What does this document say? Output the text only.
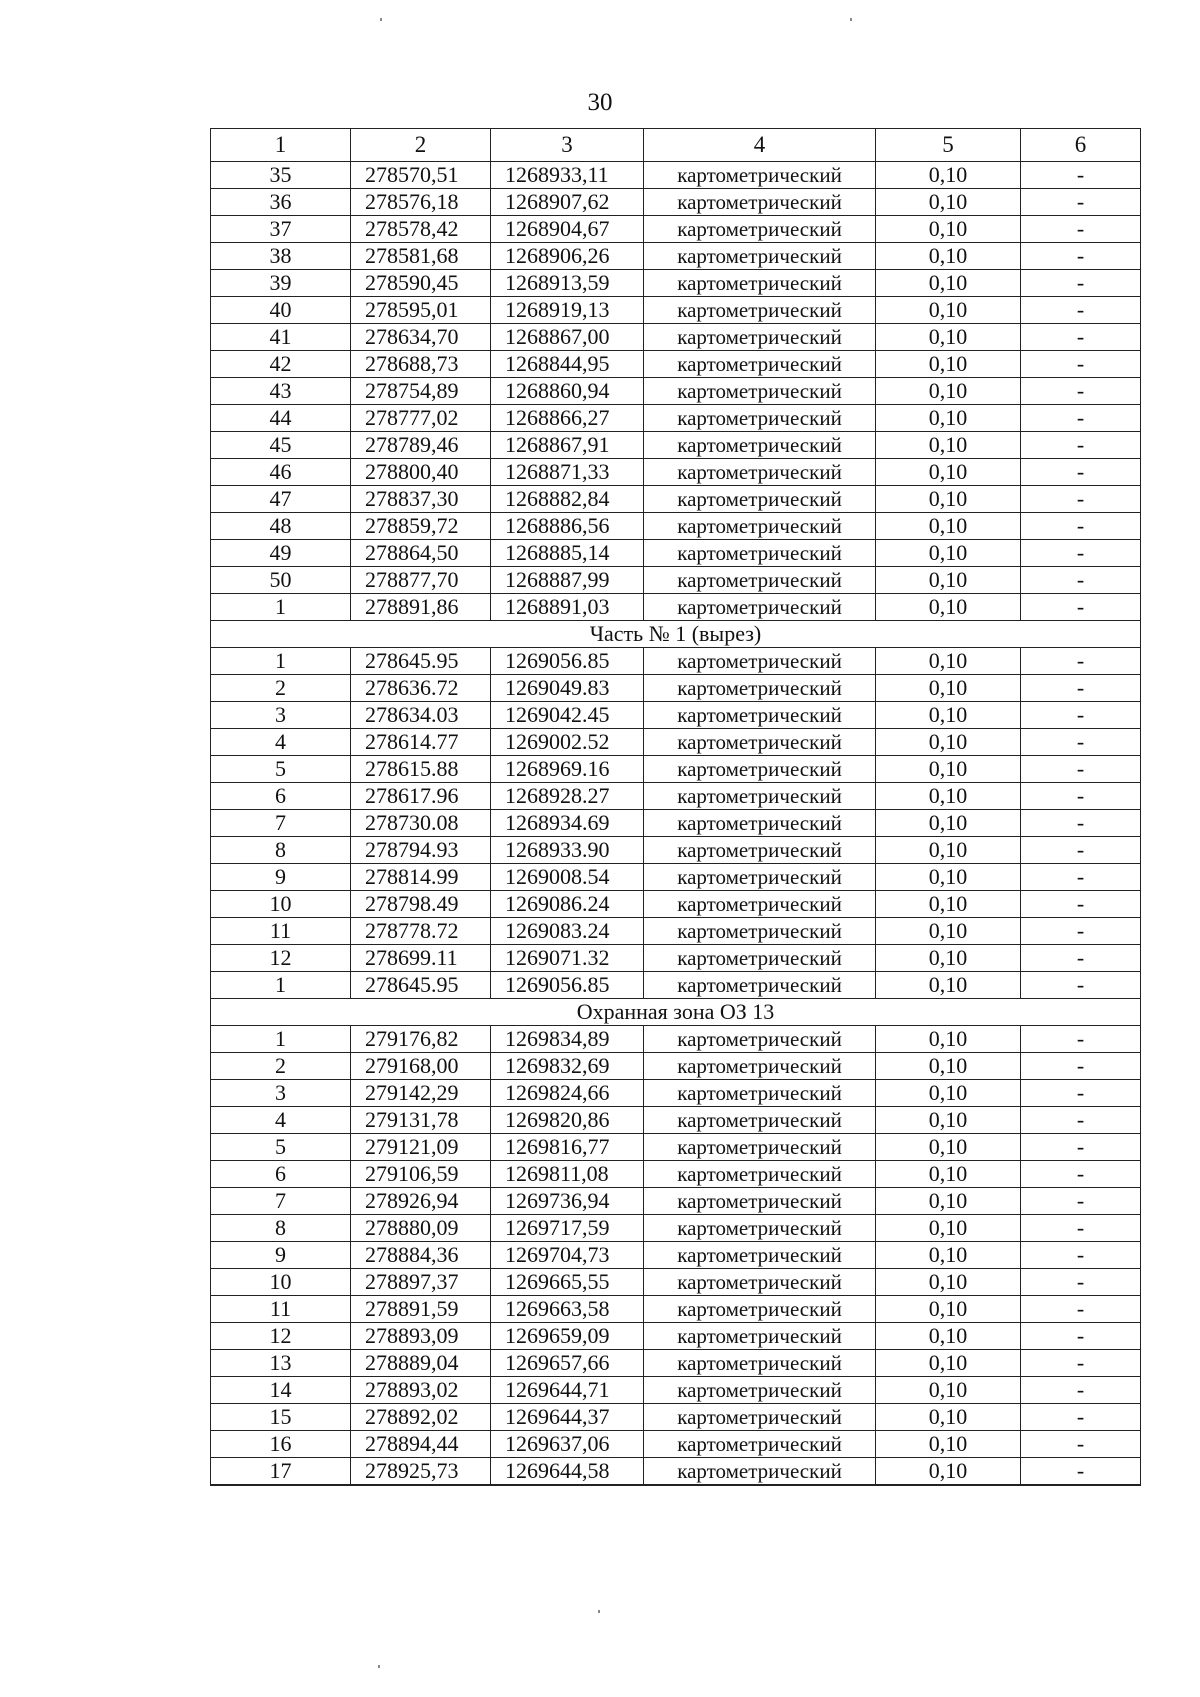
30
1	2	3	4	5	6
35	278570,51	1268933,11	картометрический	0,10	-
36	278576,18	1268907,62	картометрический	0,10	-
37	278578,42	1268904,67	картометрический	0,10	-
38	278581,68	1268906,26	картометрический	0,10	-
39	278590,45	1268913,59	картометрический	0,10	-
40	278595,01	1268919,13	картометрический	0,10	-
41	278634,70	1268867,00	картометрический	0,10	-
42	278688,73	1268844,95	картометрический	0,10	-
43	278754,89	1268860,94	картометрический	0,10	-
44	278777,02	1268866,27	картометрический	0,10	-
45	278789,46	1268867,91	картометрический	0,10	-
46	278800,40	1268871,33	картометрический	0,10	-
47	278837,30	1268882,84	картометрический	0,10	-
48	278859,72	1268886,56	картометрический	0,10	-
49	278864,50	1268885,14	картометрический	0,10	-
50	278877,70	1268887,99	картометрический	0,10	-
1	278891,86	1268891,03	картометрический	0,10	-
Часть № 1 (вырез)					
1	278645.95	1269056.85	картометрический	0,10	-
2	278636.72	1269049.83	картометрический	0,10	-
3	278634.03	1269042.45	картометрический	0,10	-
4	278614.77	1269002.52	картометрический	0,10	-
5	278615.88	1268969.16	картометрический	0,10	-
6	278617.96	1268928.27	картометрический	0,10	-
7	278730.08	1268934.69	картометрический	0,10	-
8	278794.93	1268933.90	картометрический	0,10	-
9	278814.99	1269008.54	картометрический	0,10	-
10	278798.49	1269086.24	картометрический	0,10	-
11	278778.72	1269083.24	картометрический	0,10	-
12	278699.11	1269071.32	картометрический	0,10	-
1	278645.95	1269056.85	картометрический	0,10	-
Охранная зона ОЗ 13					
1	279176,82	1269834,89	картометрический	0,10	-
2	279168,00	1269832,69	картометрический	0,10	-
3	279142,29	1269824,66	картометрический	0,10	-
4	279131,78	1269820,86	картометрический	0,10	-
5	279121,09	1269816,77	картометрический	0,10	-
6	279106,59	1269811,08	картометрический	0,10	-
7	278926,94	1269736,94	картометрический	0,10	-
8	278880,09	1269717,59	картометрический	0,10	-
9	278884,36	1269704,73	картометрический	0,10	-
10	278897,37	1269665,55	картометрический	0,10	-
11	278891,59	1269663,58	картометрический	0,10	-
12	278893,09	1269659,09	картометрический	0,10	-
13	278889,04	1269657,66	картометрический	0,10	-
14	278893,02	1269644,71	картометрический	0,10	-
15	278892,02	1269644,37	картометрический	0,10	-
16	278894,44	1269637,06	картометрический	0,10	-
17	278925,73	1269644,58	картометрический	0,10	-
